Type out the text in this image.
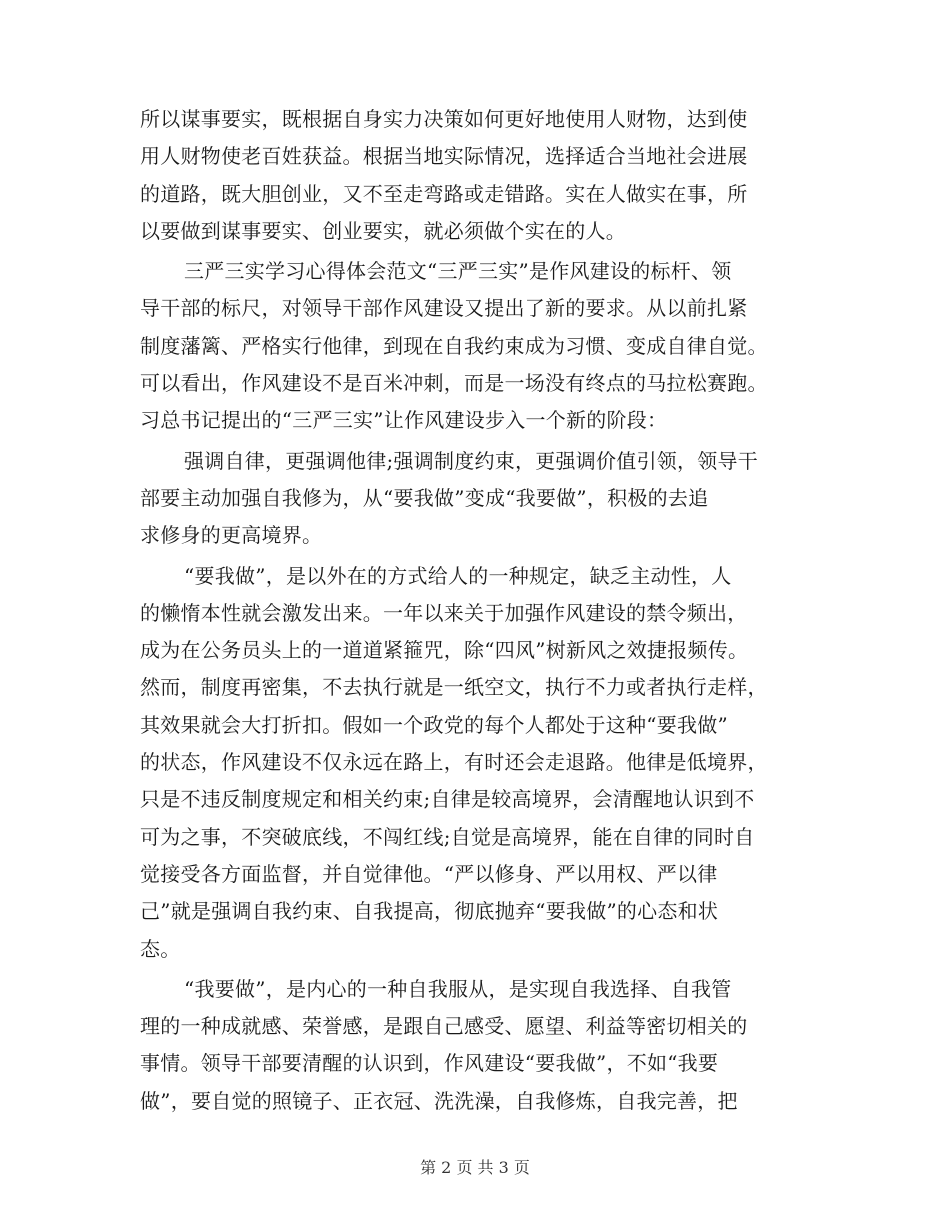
所以谋事要实，既根据自身实力决策如何更好地使用人财物，达到使
用人财物使老百姓获益。根据当地实际情况，选择适合当地社会进展
的道路，既大胆创业，又不至走弯路或走错路。实在人做实在事，所
以要做到谋事要实、创业要实，就必须做个实在的人。
三严三实学习心得体会范文“三严三实”是作风建设的标杆、领
导干部的标尺，对领导干部作风建设又提出了新的要求。从以前扎紧
制度藩篱、严格实行他律，到现在自我约束成为习惯、变成自律自觉。
可以看出，作风建设不是百米冲刺，而是一场没有终点的马拉松赛跑。
习总书记提出的“三严三实”让作风建设步入一个新的阶段：
强调自律，更强调他律;强调制度约束，更强调价值引领，领导干
部要主动加强自我修为，从“要我做”变成“我要做”，积极的去追
求修身的更高境界。
“要我做”，是以外在的方式给人的一种规定，缺乏主动性，人
的懒惰本性就会激发出来。一年以来关于加强作风建设的禁令频出，
成为在公务员头上的一道道紧箍咒，除“四风”树新风之效捷报频传。
然而，制度再密集，不去执行就是一纸空文，执行不力或者执行走样，
其效果就会大打折扣。假如一个政党的每个人都处于这种“要我做”
的状态，作风建设不仅永远在路上，有时还会走退路。他律是低境界，
只是不违反制度规定和相关约束;自律是较高境界，会清醒地认识到不
可为之事，不突破底线，不闯红线;自觉是高境界，能在自律的同时自
觉接受各方面监督，并自觉律他。“严以修身、严以用权、严以律
己”就是强调自我约束、自我提高，彻底抛弃“要我做”的心态和状
态。
“我要做”，是内心的一种自我服从，是实现自我选择、自我管
理的一种成就感、荣誉感，是跟自己感受、愿望、利益等密切相关的
事情。领导干部要清醒的认识到，作风建设“要我做”，不如“我要
做”，要自觉的照镜子、正衣冠、洗洗澡，自我修炼，自我完善，把
第 2 页 共 3 页
